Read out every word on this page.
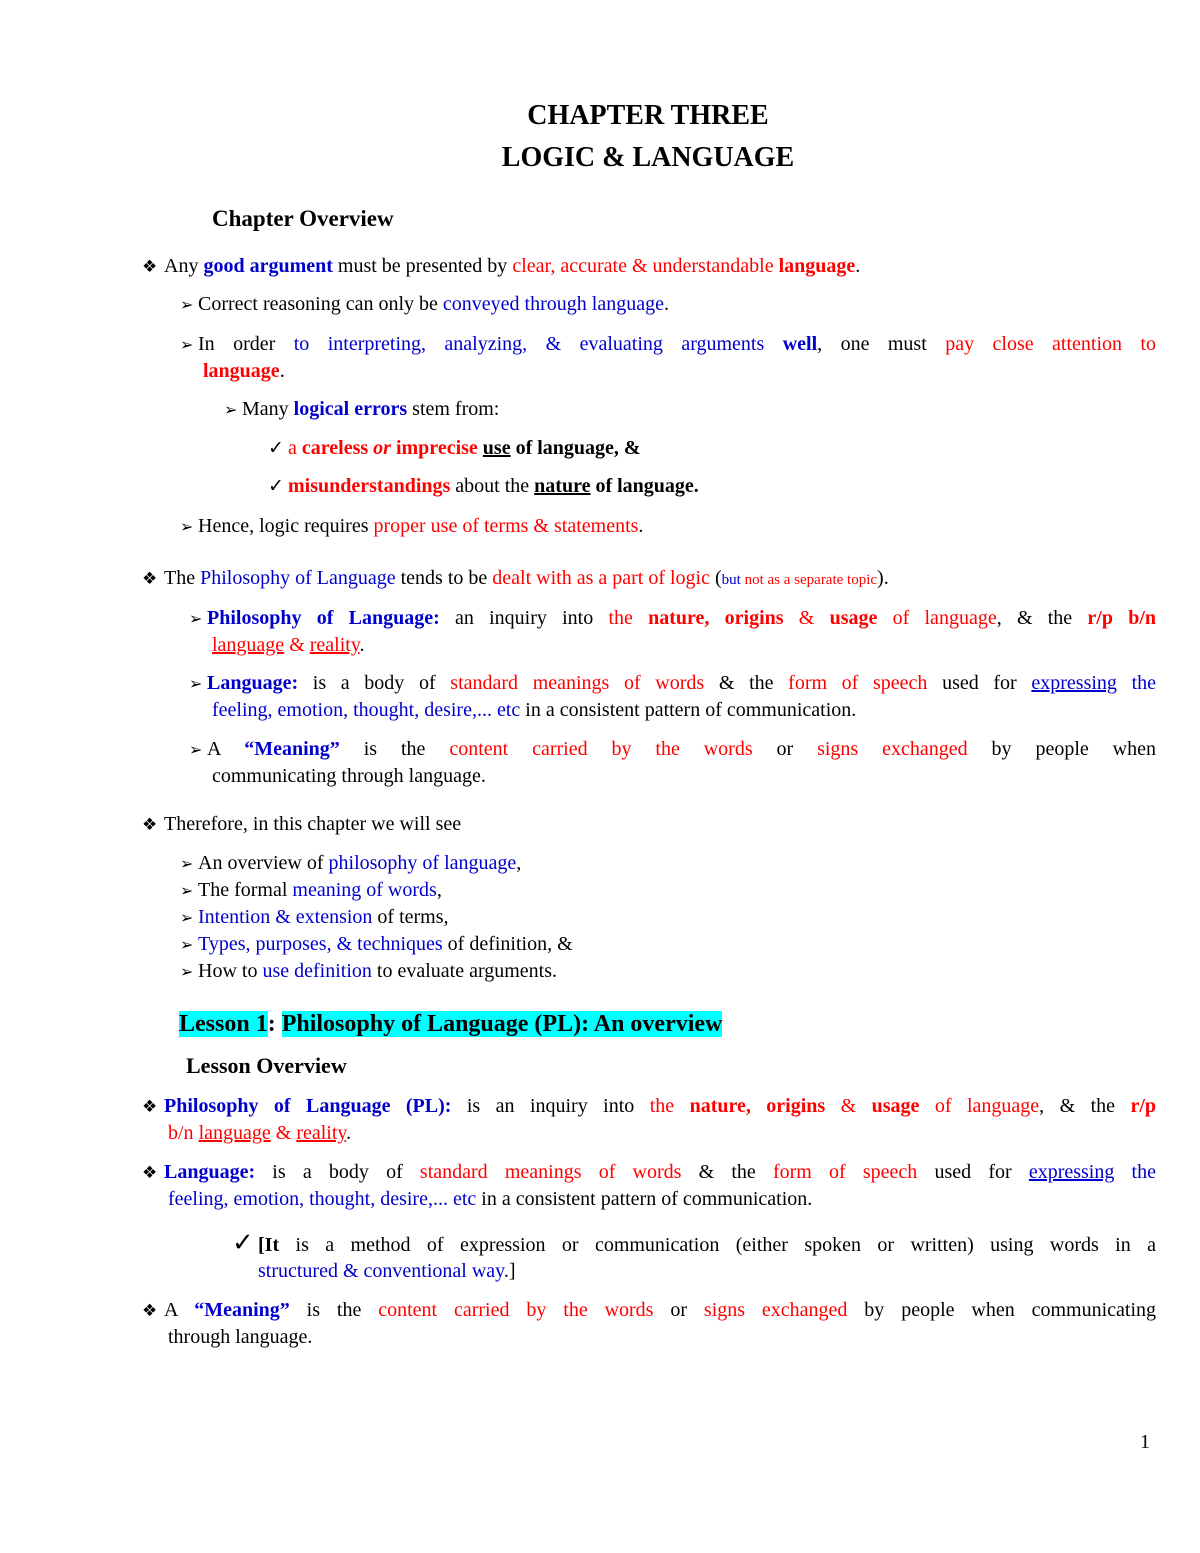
CHAPTER THREE
LOGIC & LANGUAGE
Chapter Overview
❖ Any good argument must be presented by clear, accurate & understandable language.
➢ Correct reasoning can only be conveyed through language.
➢ In order to interpreting, analyzing, & evaluating arguments well, one must pay close attention to
language.
➢ Many logical errors stem from:
✓ a careless or imprecise use of language, &
✓ misunderstandings about the nature of language.
➢ Hence, logic requires proper use of terms & statements.
❖ The Philosophy of Language tends to be dealt with as a part of logic (but not as a separate topic).
➢ Philosophy of Language: an inquiry into the nature, origins & usage of language, & the r/p b/n
language & reality.
➢ Language: is a body of standard meanings of words & the form of speech used for expressing the
feeling, emotion, thought, desire,... etc in a consistent pattern of communication.
➢ A “Meaning” is the content carried by the words or signs exchanged by people when
communicating through language.
❖ Therefore, in this chapter we will see
➢ An overview of philosophy of language,
➢ The formal meaning of words,
➢ Intention & extension of terms,
➢ Types, purposes, & techniques of definition, &
➢ How to use definition to evaluate arguments.
Lesson 1: Philosophy of Language (PL): An overview
Lesson Overview
❖ Philosophy of Language (PL): is an inquiry into the nature, origins & usage of language, & the r/p
b/n language & reality.
❖ Language: is a body of standard meanings of words & the form of speech used for expressing the
feeling, emotion, thought, desire,... etc in a consistent pattern of communication.
✓ [It is a method of expression or communication (either spoken or written) using words in a
structured & conventional way.]
❖ A “Meaning” is the content carried by the words or signs exchanged by people when communicating
through language.
1
